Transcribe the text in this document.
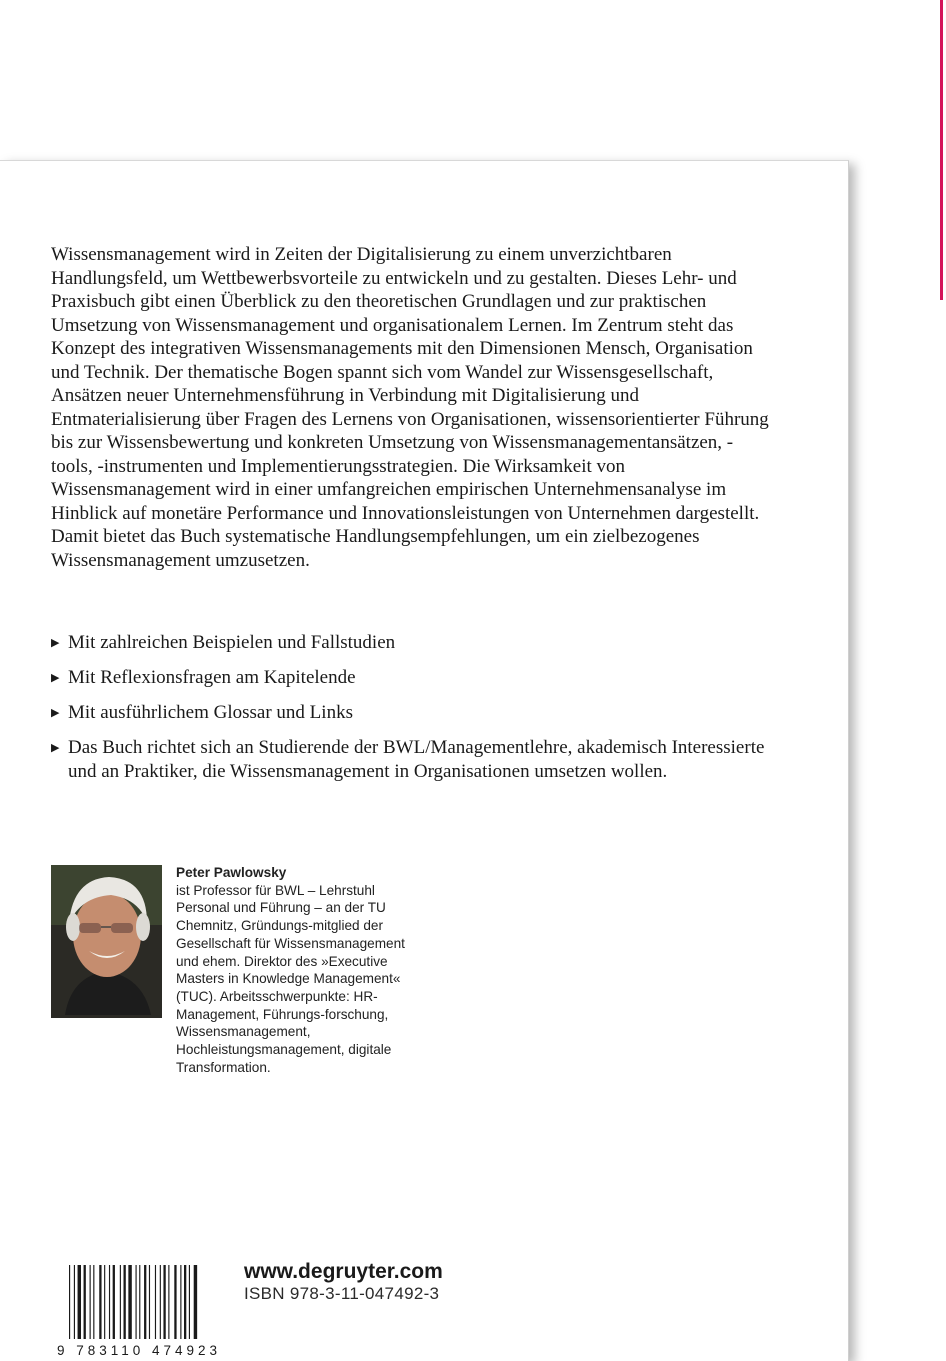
Wissensmanagement wird in Zeiten der Digitalisierung zu einem unverzichtbaren Handlungsfeld, um Wettbewerbsvorteile zu entwickeln und zu gestalten. Dieses Lehr- und Praxisbuch gibt einen Überblick zu den theoretischen Grundlagen und zur praktischen Umsetzung von Wissensmanagement und organisationalem Lernen. Im Zentrum steht das Konzept des integrativen Wissensmanagements mit den Dimensionen Mensch, Organisation und Technik. Der thematische Bogen spannt sich vom Wandel zur Wissensgesellschaft, Ansätzen neuer Unternehmensführung in Verbindung mit Digitalisierung und Entmaterialisierung über Fragen des Lernens von Organisationen, wissensorientierter Führung bis zur Wissensbewertung und konkreten Umsetzung von Wissensmanagementansätzen, -tools, -instrumenten und Implementierungsstrategien. Die Wirksamkeit von Wissensmanagement wird in einer umfangreichen empirischen Unternehmensanalyse im Hinblick auf monetäre Performance und Innovationsleistungen von Unternehmen dargestellt. Damit bietet das Buch systematische Handlungsempfehlungen, um ein zielbezogenes Wissensmanagement umzusetzen.

▶ Mit zahlreichen Beispielen und Fallstudien
▶ Mit Reflexionsfragen am Kapitelende
▶ Mit ausführlichem Glossar und Links
▶ Das Buch richtet sich an Studierende der BWL/Managementlehre, akademisch Interessierte und an Praktiker, die Wissensmanagement in Organisationen umsetzen wollen.
Peter Pawlowsky
ist Professor für BWL – Lehrstuhl Personal und Führung – an der TU Chemnitz, Gründungs-mitglied der Gesellschaft für Wissensmanagement und ehem. Direktor des »Executive Masters in Knowledge Management« (TUC). Arbeitsschwerpunkte: HR-Management, Führungs-forschung, Wissensmanagement, Hochleistungsmanagement, digitale Transformation.
9 783110 474923
www.degruyter.com
ISBN 978-3-11-047492-3
